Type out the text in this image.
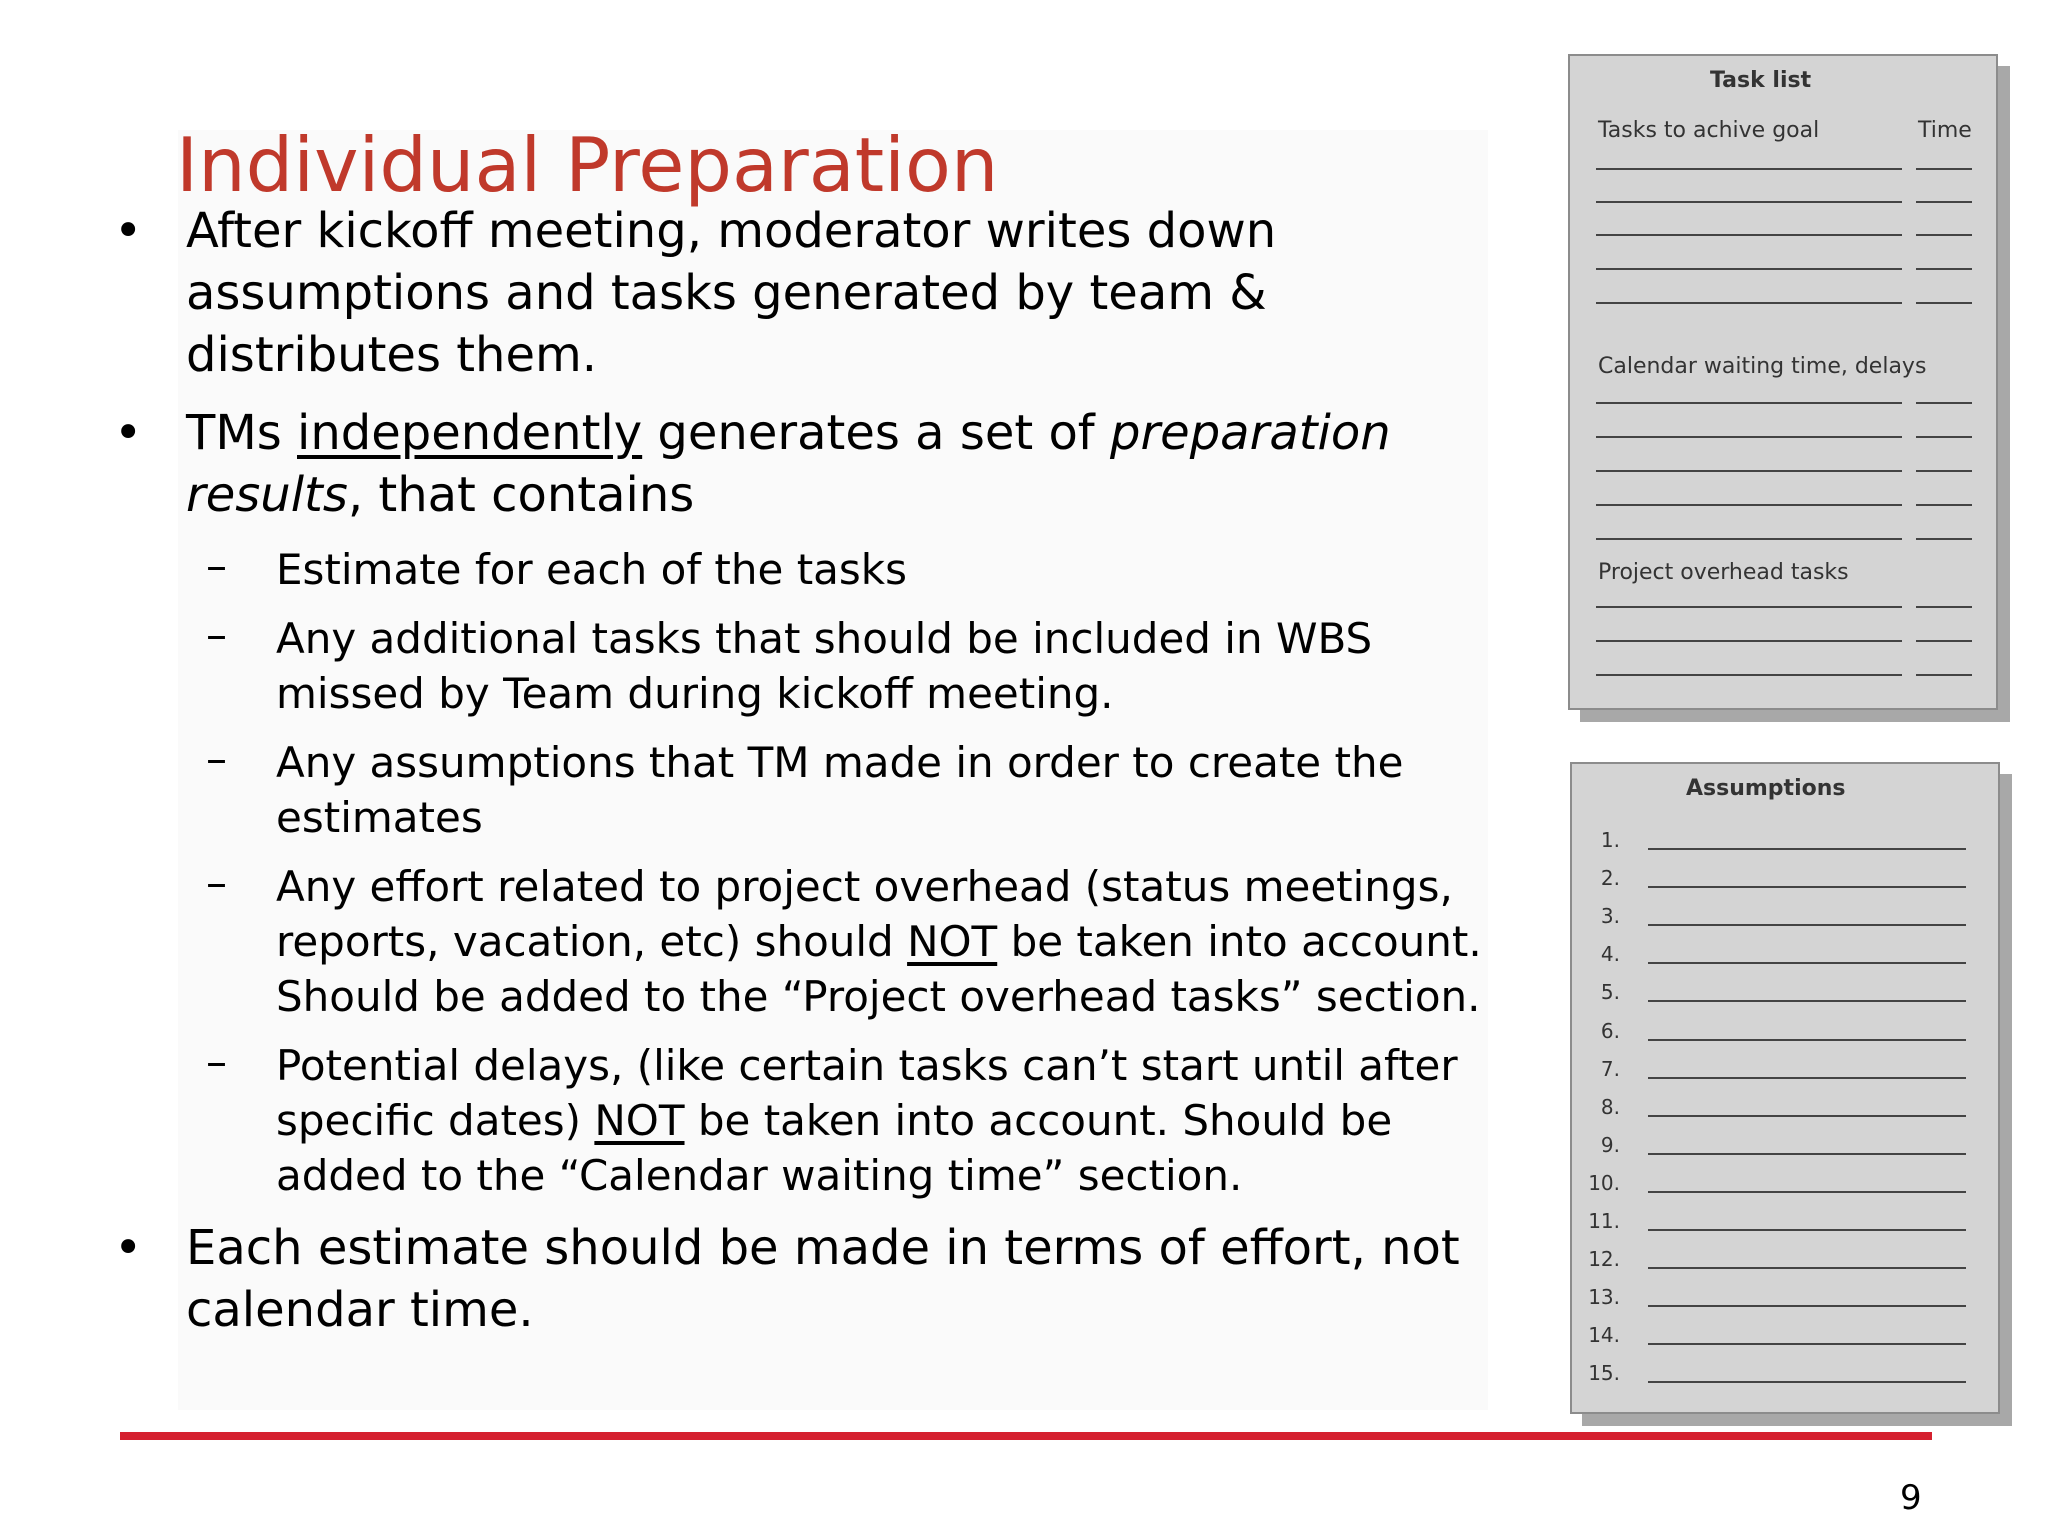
Individual Preparation
• After kickoff meeting, moderator writes down assumptions and tasks generated by team & distributes them.
• TMs independently generates a set of preparation results, that contains
– Estimate for each of the tasks
– Any additional tasks that should be included in WBS missed by Team during kickoff meeting.
– Any assumptions that TM made in order to create the estimates
– Any effort related to project overhead (status meetings, reports, vacation, etc) should NOT be taken into account. Should be added to the “Project overhead tasks” section.
– Potential delays, (like certain tasks can’t start until after specific dates) NOT be taken into account. Should be added to the “Calendar waiting time” section.
• Each estimate should be made in terms of effort, not calendar time.
Task list
Tasks to achive goal	Time
Calendar waiting time, delays
Project overhead tasks
Assumptions
1.
2.
3.
4.
5.
6.
7.
8.
9.
10.
11.
12.
13.
14.
15.
9
